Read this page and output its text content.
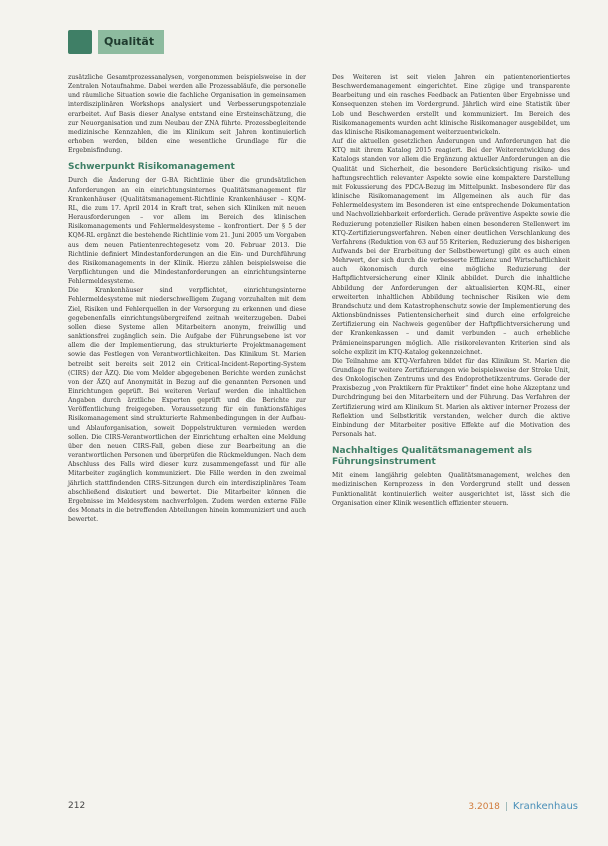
Qualität

zusätzliche Gesamtprozessanalysen, vorgenommen beispielsweise in der Zentralen Notaufnahme. Dabei werden alle Prozessabläufe, die personelle und räumliche Situation sowie die fachliche Organisation in gemeinsamen interdisziplinären Workshops analysiert und Verbesserungspotenziale erarbeitet. Auf Basis dieser Analyse entstand eine Ersteinschätzung, die zur Neuorganisation und zum Neubau der ZNA führte. Prozessbegleitende medizinische Kennzahlen, die im Klinikum seit Jahren kontinuierlich erhoben werden, bilden eine wesentliche Grundlage für die Ergebnisfindung.

Schwerpunkt Risikomanagement

Durch die Änderung der G-BA Richtlinie über die grundsätzlichen Anforderungen an ein einrichtungsinternes Qualitätsmanagement für Krankenhäuser (Qualitätsmanagement-Richtlinie Krankenhäuser – KQM-RL, die zum 17. April 2014 in Kraft trat, sehen sich Kliniken mit neuen Herausforderungen – vor allem im Bereich des klinischen Risikomanagements und Fehlermeldesysteme – konfrontiert. Der § 5 der KQM-RL ergänzt die bestehende Richtlinie vom 21. Juni 2005 um Vorgaben aus dem neuen Patientenrechtegesetz vom 20. Februar 2013. Die Richtlinie definiert Mindestanforderungen an die Ein- und Durchführung des Risikomanagements in der Klinik. Hierzu zählen beispielsweise die Verpflichtungen und die Mindestanforderungen an einrichtungsinterne Fehlermeldesysteme.

Die Krankenhäuser sind verpflichtet, einrichtungsinterne Fehlermeldesysteme mit niederschwelligem Zugang vorzuhalten mit dem Ziel, Risiken und Fehlerquellen in der Versorgung zu erkennen und diese gegebenenfalls einrichtungsübergreifend zeitnah weiterzugeben. Dabei sollen diese Systeme allen Mitarbeitern anonym, freiwillig und sanktionsfrei zugänglich sein. Die Aufgabe der Führungsebene ist vor allem die der Implementierung, das strukturierte Projektmanagement sowie das Festlegen von Verantwortlichkeiten. Das Klinikum St. Marien betreibt seit bereits seit 2012 ein Critical-Incident-Reporting-System (CIRS) der ÄZQ. Die vom Melder abgegebenen Berichte werden zunächst von der ÄZQ auf Anonymität in Bezug auf die genannten Personen und Einrichtungen geprüft. Bei weiteren Verlauf werden die inhaltlichen Angaben durch ärztliche Experten geprüft und die Berichte zur Veröffentlichung freigegeben. Voraussetzung für ein funktionsfähiges Risikomanagement sind strukturierte Rahmenbedingungen in der Aufbau- und Ablauforganisation, soweit Doppelstrukturen vermieden werden sollen. Die CIRS-Verantwortlichen der Einrichtung erhalten eine Meldung über den neuen CIRS-Fall, geben diese zur Bearbeitung an die verantwortlichen Personen und überprüfen die Rückmeldungen. Nach dem Abschluss des Falls wird dieser kurz zusammengefasst und für alle Mitarbeiter zugänglich kommuniziert. Die Fälle werden in den zweimal jährlich stattfindenden CIRS-Sitzungen durch ein interdisziplinäres Team abschließend diskutiert und bewertet. Die Mitarbeiter können die Ergebnisse im Meldesystem nachverfolgen. Zudem werden externe Fälle des Monats in die betreffenden Abteilungen hinein kommuniziert und auch bewertet.

Des Weiteren ist seit vielen Jahren ein patientenorientiertes Beschwerdemanagement eingerichtet. Eine zügige und transparente Bearbeitung und ein rasches Feedback an Patienten über Ergebnisse und Konsequenzen stehen im Vordergrund. Jährlich wird eine Statistik über Lob und Beschwerden erstellt und kommuniziert. Im Bereich des Risikomanagements wurden acht klinische Risikomanager ausgebildet, um das klinische Risikomanagement weiterzuentwickeln.

Auf die aktuellen gesetzlichen Änderungen und Anforderungen hat die KTQ mit ihrem Katalog 2015 reagiert. Bei der Weiterentwicklung des Katalogs standen vor allem die Ergänzung aktueller Anforderungen an die Qualität und Sicherheit, die besondere Berücksichtigung risiko- und haftungsrechtlich relevanter Aspekte sowie eine kompaktere Darstellung mit Fokussierung des PDCA-Bezug im Mittelpunkt. Insbesondere für das klinische Risikomanagement im Allgemeinen als auch für das Fehlermeldesystem im Besonderen ist eine entsprechende Dokumentation und Nachvollziehbarkeit erforderlich. Gerade präventive Aspekte sowie die Reduzierung potenzieller Risiken haben einen besonderen Stellenwert im KTQ-Zertifizierungsverfahren. Neben einer deutlichen Verschlankung des Verfahrens (Reduktion von 63 auf 55 Kriterien, Reduzierung des bisherigen Aufwands bei der Erarbeitung der Selbstbewertung) gibt es auch einen Mehrwert, der sich durch die verbesserte Effizienz und Wirtschaftlichkeit auch ökonomisch durch eine mögliche Reduzierung der Haftpflichtversicherung einer Klinik abbildet. Durch die inhaltliche Abbildung der Anforderungen der aktualisierten KQM-RL, einer erweiterten inhaltlichen Abbildung technischer Risiken wie dem Brandschutz und dem Katastrophenschutz sowie der Implementierung des Aktionsbündnisses Patientensicherheit sind durch eine erfolgreiche Zertifizierung ein Nachweis gegenüber der Haftpflichtversicherung und der Krankenkassen – und damit verbunden – auch erhebliche Prämieneinsparungen möglich. Alle risikorelevanten Kriterien sind als solche explizit im KTQ-Katalog gekennzeichnet.

Die Teilnahme am KTQ-Verfahren bildet für das Klinikum St. Marien die Grundlage für weitere Zertifizierungen wie beispielsweise der Stroke Unit, des Onkologischen Zentrums und des Endoprothetikzentrums. Gerade der Praxisbezug „von Praktikern für Praktiker“ findet eine hohe Akzeptanz und Durchdringung bei den Mitarbeitern und der Führung. Das Verfahren der Zertifizierung wird am Klinikum St. Marien als aktiver interner Prozess der Reflektion und Selbstkritik verstanden, welcher durch die aktive Einbindung der Mitarbeiter positive Effekte auf die Motivation des Personals hat.

Nachhaltiges Qualitätsmanagement als Führungsinstrument

Mit einem langjährig gelebten Qualitätsmanagement, welches den medizinischen Kernprozess in den Vordergrund stellt und dessen Funktionalität kontinuierlich weiter ausgerichtet ist, lässt sich die Organisation einer Klinik wesentlich effizienter steuern.

212	3.2018 | Krankenhaus
